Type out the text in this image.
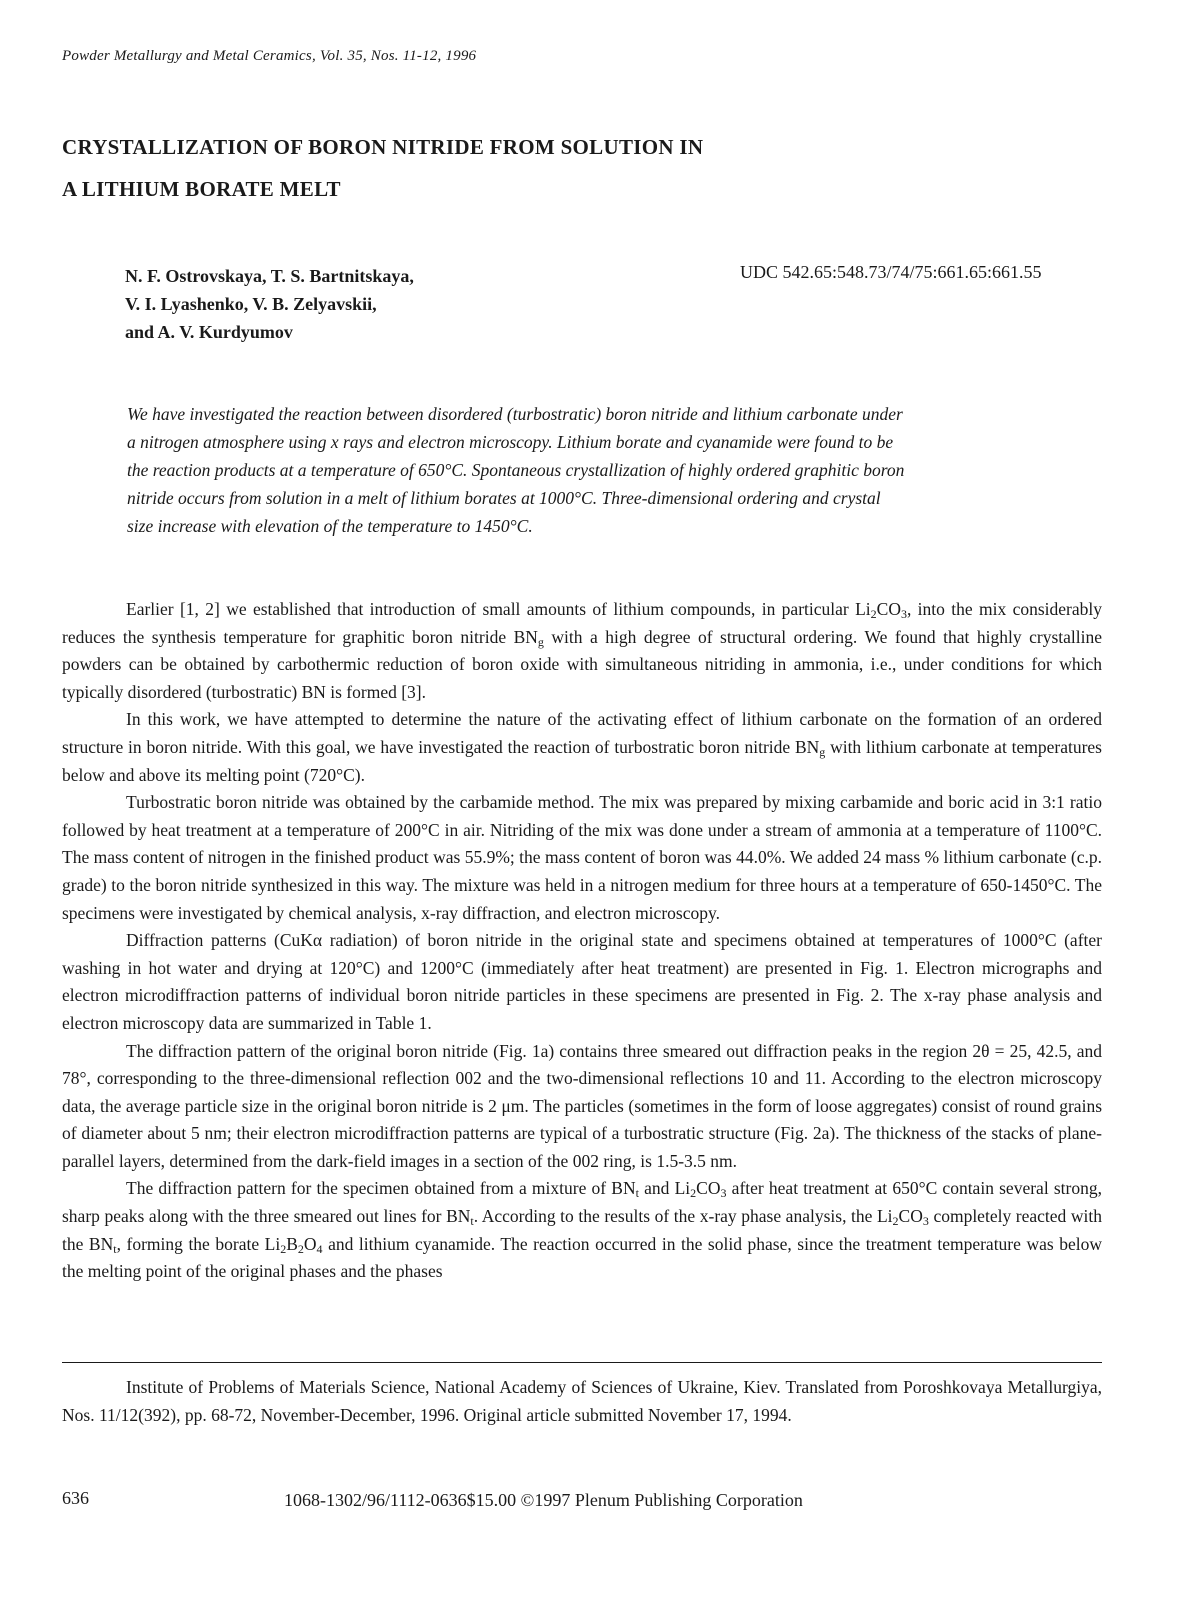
Powder Metallurgy and Metal Ceramics, Vol. 35, Nos. 11-12, 1996
CRYSTALLIZATION OF BORON NITRIDE FROM SOLUTION IN
A LITHIUM BORATE MELT
N. F. Ostrovskaya, T. S. Bartnitskaya,
V. I. Lyashenko, V. B. Zelyavskii,
and A. V. Kurdyumov
UDC 542.65:548.73/74/75:661.65:661.55
We have investigated the reaction between disordered (turbostratic) boron nitride and lithium carbonate under
a nitrogen atmosphere using x rays and electron microscopy. Lithium borate and cyanamide were found to be
the reaction products at a temperature of 650°C. Spontaneous crystallization of highly ordered graphitic boron
nitride occurs from solution in a melt of lithium borates at 1000°C. Three-dimensional ordering and crystal
size increase with elevation of the temperature to 1450°C.

Earlier [1, 2] we established that introduction of small amounts of lithium compounds, in particular $Li_2CO_3$, into the mix considerably reduces the synthesis temperature for graphitic boron nitride $BN_g$ with a high degree of structural ordering. We found that highly crystalline powders can be obtained by carbothermic reduction of boron oxide with simultaneous nitriding in ammonia, i.e., under conditions for which typically disordered (turbostratic) BN is formed [3].

In this work, we have attempted to determine the nature of the activating effect of lithium carbonate on the formation of an ordered structure in boron nitride. With this goal, we have investigated the reaction of turbostratic boron nitride $BN_g$ with lithium carbonate at temperatures below and above its melting point (720°C).

Turbostratic boron nitride was obtained by the carbamide method. The mix was prepared by mixing carbamide and boric acid in 3:1 ratio followed by heat treatment at a temperature of 200°C in air. Nitriding of the mix was done under a stream of ammonia at a temperature of 1100°C. The mass content of nitrogen in the finished product was 55.9%; the mass content of boron was 44.0%. We added 24 mass % lithium carbonate (c.p. grade) to the boron nitride synthesized in this way. The mixture was held in a nitrogen medium for three hours at a temperature of 650-1450°C. The specimens were investigated by chemical analysis, x-ray diffraction, and electron microscopy.

Diffraction patterns (CuKα radiation) of boron nitride in the original state and specimens obtained at temperatures of 1000°C (after washing in hot water and drying at 120°C) and 1200°C (immediately after heat treatment) are presented in Fig. 1. Electron micrographs and electron microdiffraction patterns of individual boron nitride particles in these specimens are presented in Fig. 2. The x-ray phase analysis and electron microscopy data are summarized in Table 1.

The diffraction pattern of the original boron nitride (Fig. 1a) contains three smeared out diffraction peaks in the region 2θ = 25, 42.5, and 78°, corresponding to the three-dimensional reflection 002 and the two-dimensional reflections 10 and 11. According to the electron microscopy data, the average particle size in the original boron nitride is 2 μm. The particles (sometimes in the form of loose aggregates) consist of round grains of diameter about 5 nm; their electron microdiffraction patterns are typical of a turbostratic structure (Fig. 2a). The thickness of the stacks of plane-parallel layers, determined from the dark-field images in a section of the 002 ring, is 1.5-3.5 nm.

The diffraction pattern for the specimen obtained from a mixture of $BN_t$ and $Li_2CO_3$ after heat treatment at 650°C contain several strong, sharp peaks along with the three smeared out lines for $BN_t$. According to the results of the x-ray phase analysis, the $Li_2CO_3$ completely reacted with the $BN_t$, forming the borate $Li_2B_2O_4$ and lithium cyanamide. The reaction occurred in the solid phase, since the treatment temperature was below the melting point of the original phases and the phases

Institute of Problems of Materials Science, National Academy of Sciences of Ukraine, Kiev. Translated from Poroshkovaya Metallurgiya, Nos. 11/12(392), pp. 68-72, November-December, 1996. Original article submitted November 17, 1994.

636	1068-1302/96/1112-0636$15.00 ©1997 Plenum Publishing Corporation
